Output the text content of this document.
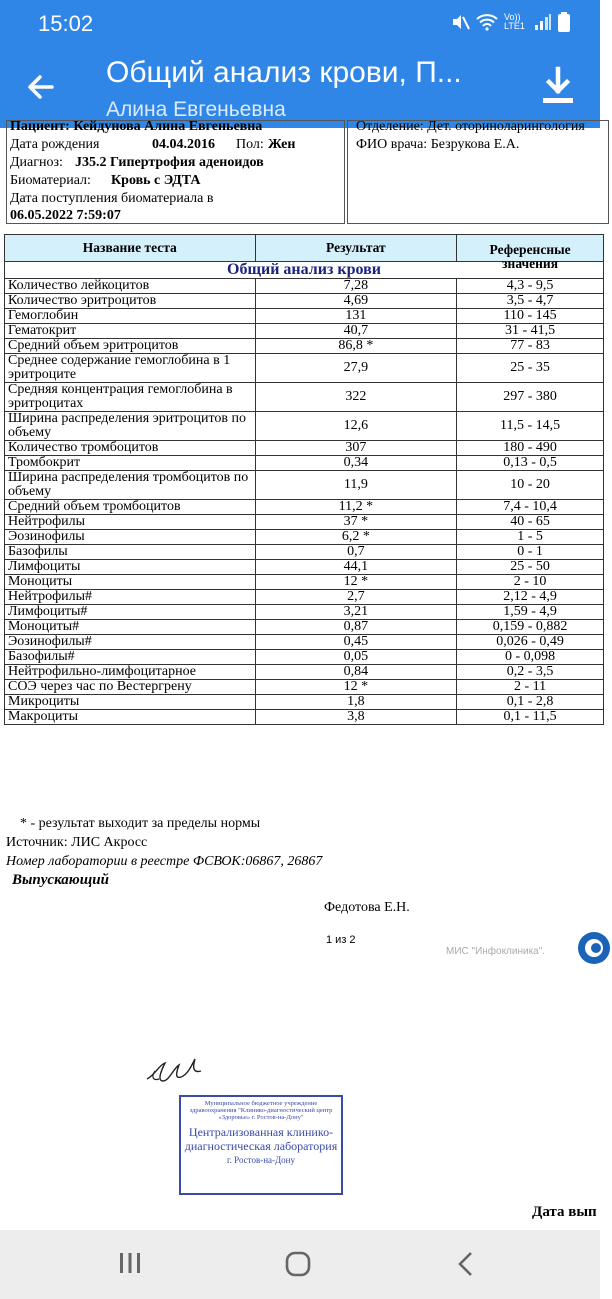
15:02	Vo)) LTE1
Общий анализ крови, П...
Алина Евгеньевна
Пациент: Кейдунова Алина Евгеньевна
Дата рождения	04.04.2016 Пол: Жен
Диагноз: J35.2 Гипертрофия аденоидов
Биоматериал: Кровь с ЭДТА
Дата поступления биоматериала в
06.05.2022 7:59:07
Отделение: Дет. оториноларингология
ФИО врача: Безрукова Е.А.
Название теста	Результат	Референсные значения

Общий анализ крови		
Количество лейкоцитов	7,28	4,3 - 9,5
Количество эритроцитов	4,69	3,5 - 4,7
Гемоглобин	131	110 - 145
Гематокрит	40,7	31 - 41,5
Средний объем эритроцитов	86,8 *	77 - 83
Среднее содержание гемоглобина в 1 эритроците	27,9	25 - 35
Средняя концентрация гемоглобина в эритроцитах	322	297 - 380
Ширина распределения эритроцитов по объему	12,6	11,5 - 14,5
Количество тромбоцитов	307	180 - 490
Тромбокрит	0,34	0,13 - 0,5
Ширина распределения тромбоцитов по объему	11,9	10 - 20
Средний объем тромбоцитов	11,2 *	7,4 - 10,4
Нейтрофилы	37 *	40 - 65
Эозинофилы	6,2 *	1 - 5
Базофилы	0,7	0 - 1
Лимфоциты	44,1	25 - 50
Моноциты	12 *	2 - 10
Нейтрофилы#	2,7	2,12 - 4,9
Лимфоциты#	3,21	1,59 - 4,9
Моноциты#	0,87	0,159 - 0,882
Эозинофилы#	0,45	0,026 - 0,49
Базофилы#	0,05	0 - 0,098
Нейтрофильно-лимфоцитарное	0,84	0,2 - 3,5
СОЭ через час по Вестергрену	12 *	2 - 11
Микроциты	1,8	0,1 - 2,8
Макроциты	3,8	0,1 - 11,5
* - результат выходит за пределы нормы
Источник: ЛИС Акросс
Номер лаборатории в реестре ФСВОК:06867, 26867
Выпускающий
Федотова Е.Н.
1 из 2
МИС "Инфоклиника".
Муниципальное бюджетное учреждение здравоохранения "Клинико-диагностический центр «Здоровье» г. Ростов-на-Дону"
Централизованная клинико-диагностическая лаборатория
г. Ростов-на-Дону
Дата вып
